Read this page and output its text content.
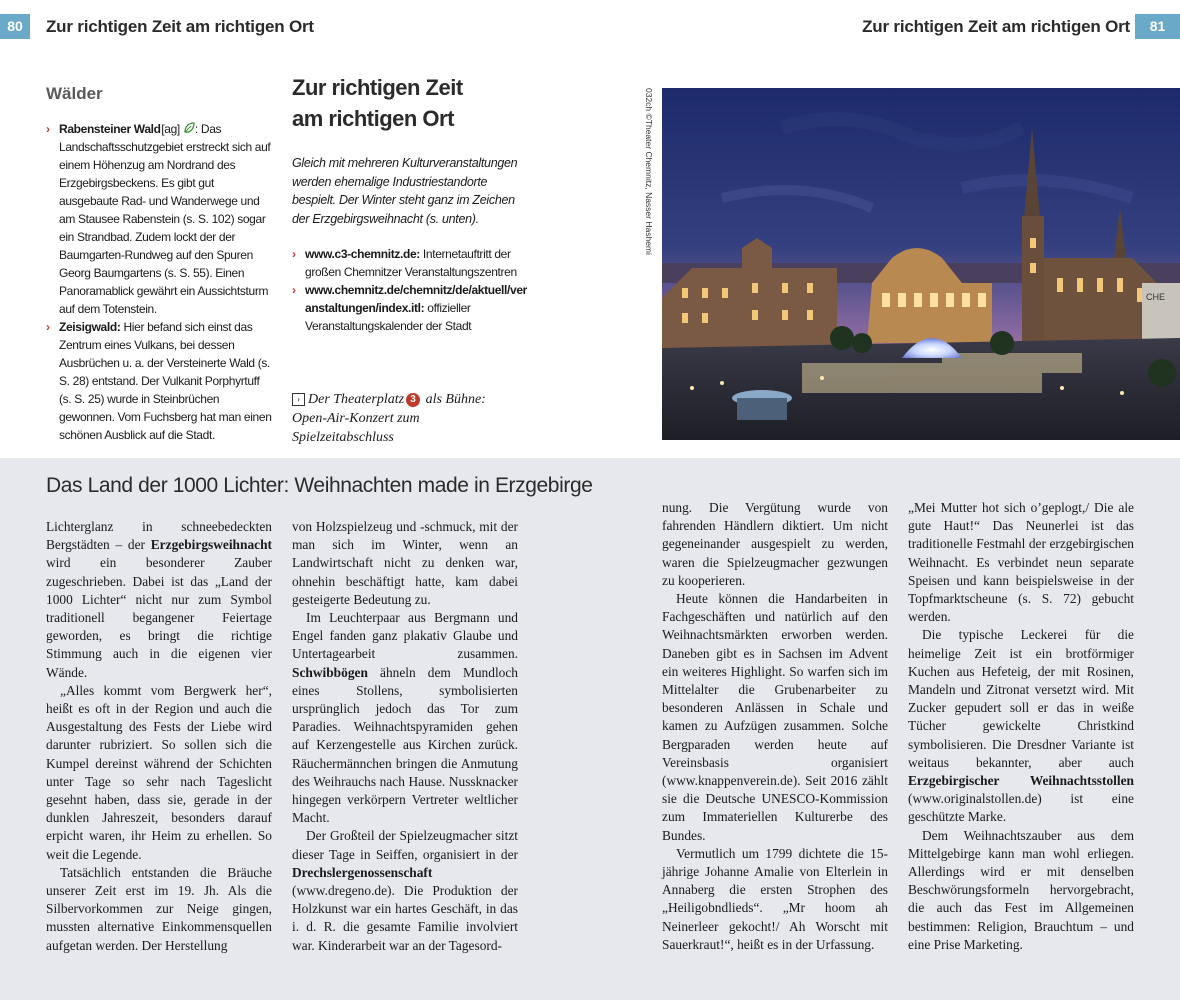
80	Zur richtigen Zeit am richtigen Ort	Zur richtigen Zeit am richtigen Ort	81
Wälder
› Rabensteiner Wald [ag] : Das Landschaftsschutzgebiet erstreckt sich auf einem Höhenzug am Nordrand des Erzgebirgsbeckens. Es gibt gut ausgebaute Rad- und Wanderwege und am Stausee Rabenstein (s. S. 102) sogar ein Strandbad. Zudem lockt der der Baumgarten-Rundweg auf den Spuren Georg Baumgartens (s. S. 55). Einen Panoramablick gewährt ein Aussichtsturm auf dem Totenstein.
› Zeisigwald: Hier befand sich einst das Zentrum eines Vulkans, bei dessen Ausbrüchen u. a. der Versteinerte Wald (s. S. 28) entstand. Der Vulkanit Porphyrtuff (s. S. 25) wurde in Steinbrüchen gewonnen. Vom Fuchsberg hat man einen schönen Ausblick auf die Stadt.
Zur richtigen Zeit
am richtigen Ort
Gleich mit mehreren Kulturveranstaltungen werden ehemalige Industriestandorte bespielt. Der Winter steht ganz im Zeichen der Erzgebirgsweihnacht (s. unten).
› www.c3-chemnitz.de: Internetauftritt der großen Chemnitzer Veranstaltungszentren
› www.chemnitz.de/chemnitz/de/aktuell/veranstaltungen/index.itl: offizieller Veranstaltungskalender der Stadt
› Der Theaterplatz 3 als Bühne: Open-Air-Konzert zum Spielzeitabschluss
032ch ©Theater Chemnitz, Nasser Hashemi
CHE
Das Land der 1000 Lichter: Weihnachten made in Erzgebirge

Lichterglanz in schneebedeckten Bergstädten – der Erzgebirgsweihnacht wird ein besonderer Zauber zugeschrieben. Dabei ist das „Land der 1000 Lichter“ nicht nur zum Symbol traditionell begangener Feiertage geworden, es bringt die richtige Stimmung auch in die eigenen vier Wände.

„Alles kommt vom Bergwerk her“, heißt es oft in der Region und auch die Ausgestaltung des Fests der Liebe wird darunter rubriziert. So sollen sich die Kumpel dereinst während der Schichten unter Tage so sehr nach Tageslicht gesehnt haben, dass sie, gerade in der dunklen Jahreszeit, besonders darauf erpicht waren, ihr Heim zu erhellen. So weit die Legende.

Tatsächlich entstanden die Bräuche unserer Zeit erst im 19. Jh. Als die Silbervorkommen zur Neige gingen, mussten alternative Einkommensquellen aufgetan werden. Der Herstellung

von Holzspielzeug und -schmuck, mit der man sich im Winter, wenn an Landwirtschaft nicht zu denken war, ohnehin beschäftigt hatte, kam dabei gesteigerte Bedeutung zu.

Im Leuchterpaar aus Bergmann und Engel fanden ganz plakativ Glaube und Untertagearbeit zusammen. Schwibbögen ähneln dem Mundloch eines Stollens, symbolisierten ursprünglich jedoch das Tor zum Paradies. Weihnachtspyramiden gehen auf Kerzengestelle aus Kirchen zurück. Räuchermännchen bringen die Anmutung des Weihrauchs nach Hause. Nussknacker hingegen verkörpern Vertreter weltlicher Macht.

Der Großteil der Spielzeugmacher sitzt dieser Tage in Seiffen, organisiert in der Drechslergenossenschaft (www.dregeno.de). Die Produktion der Holzkunst war ein hartes Geschäft, in das i. d. R. die gesamte Familie involviert war. Kinderarbeit war an der Tagesord-

nung. Die Vergütung wurde von fahrenden Händlern diktiert. Um nicht gegeneinander ausgespielt zu werden, waren die Spielzeugmacher gezwungen zu kooperieren.

Heute können die Handarbeiten in Fachgeschäften und natürlich auf den Weihnachtsmärkten erworben werden. Daneben gibt es in Sachsen im Advent ein weiteres Highlight. So warfen sich im Mittelalter die Grubenarbeiter zu besonderen Anlässen in Schale und kamen zu Aufzügen zusammen. Solche Bergparaden werden heute auf Vereinsbasis organisiert (www.knappenverein.de). Seit 2016 zählt sie die Deutsche UNESCO-Kommission zum Immateriellen Kulturerbe des Bundes.

Vermutlich um 1799 dichtete die 15-jährige Johanne Amalie von Elterlein in Annaberg die ersten Strophen des „Heiligobndlieds“. „Mr hoom ah Neinerleer gekocht!/ Ah Worscht mit Sauerkraut!“, heißt es in der Urfassung.

„Mei Mutter hot sich o’geplogt,/ Die ale gute Haut!“ Das Neunerlei ist das traditionelle Festmahl der erzgebirgischen Weihnacht. Es verbindet neun separate Speisen und kann beispielsweise in der Topfmarktscheune (s. S. 72) gebucht werden.

Die typische Leckerei für die heimelige Zeit ist ein brotförmiger Kuchen aus Hefeteig, der mit Rosinen, Mandeln und Zitronat versetzt wird. Mit Zucker gepudert soll er das in weiße Tücher gewickelte Christkind symbolisieren. Die Dresdner Variante ist weitaus bekannter, aber auch Erzgebirgischer Weihnachtsstollen (www.originalstollen.de) ist eine geschützte Marke.

Dem Weihnachtszauber aus dem Mittelgebirge kann man wohl erliegen. Allerdings wird er mit denselben Beschwörungsformeln hervorgebracht, die auch das Fest im Allgemeinen bestimmen: Religion, Brauchtum – und eine Prise Marketing.
